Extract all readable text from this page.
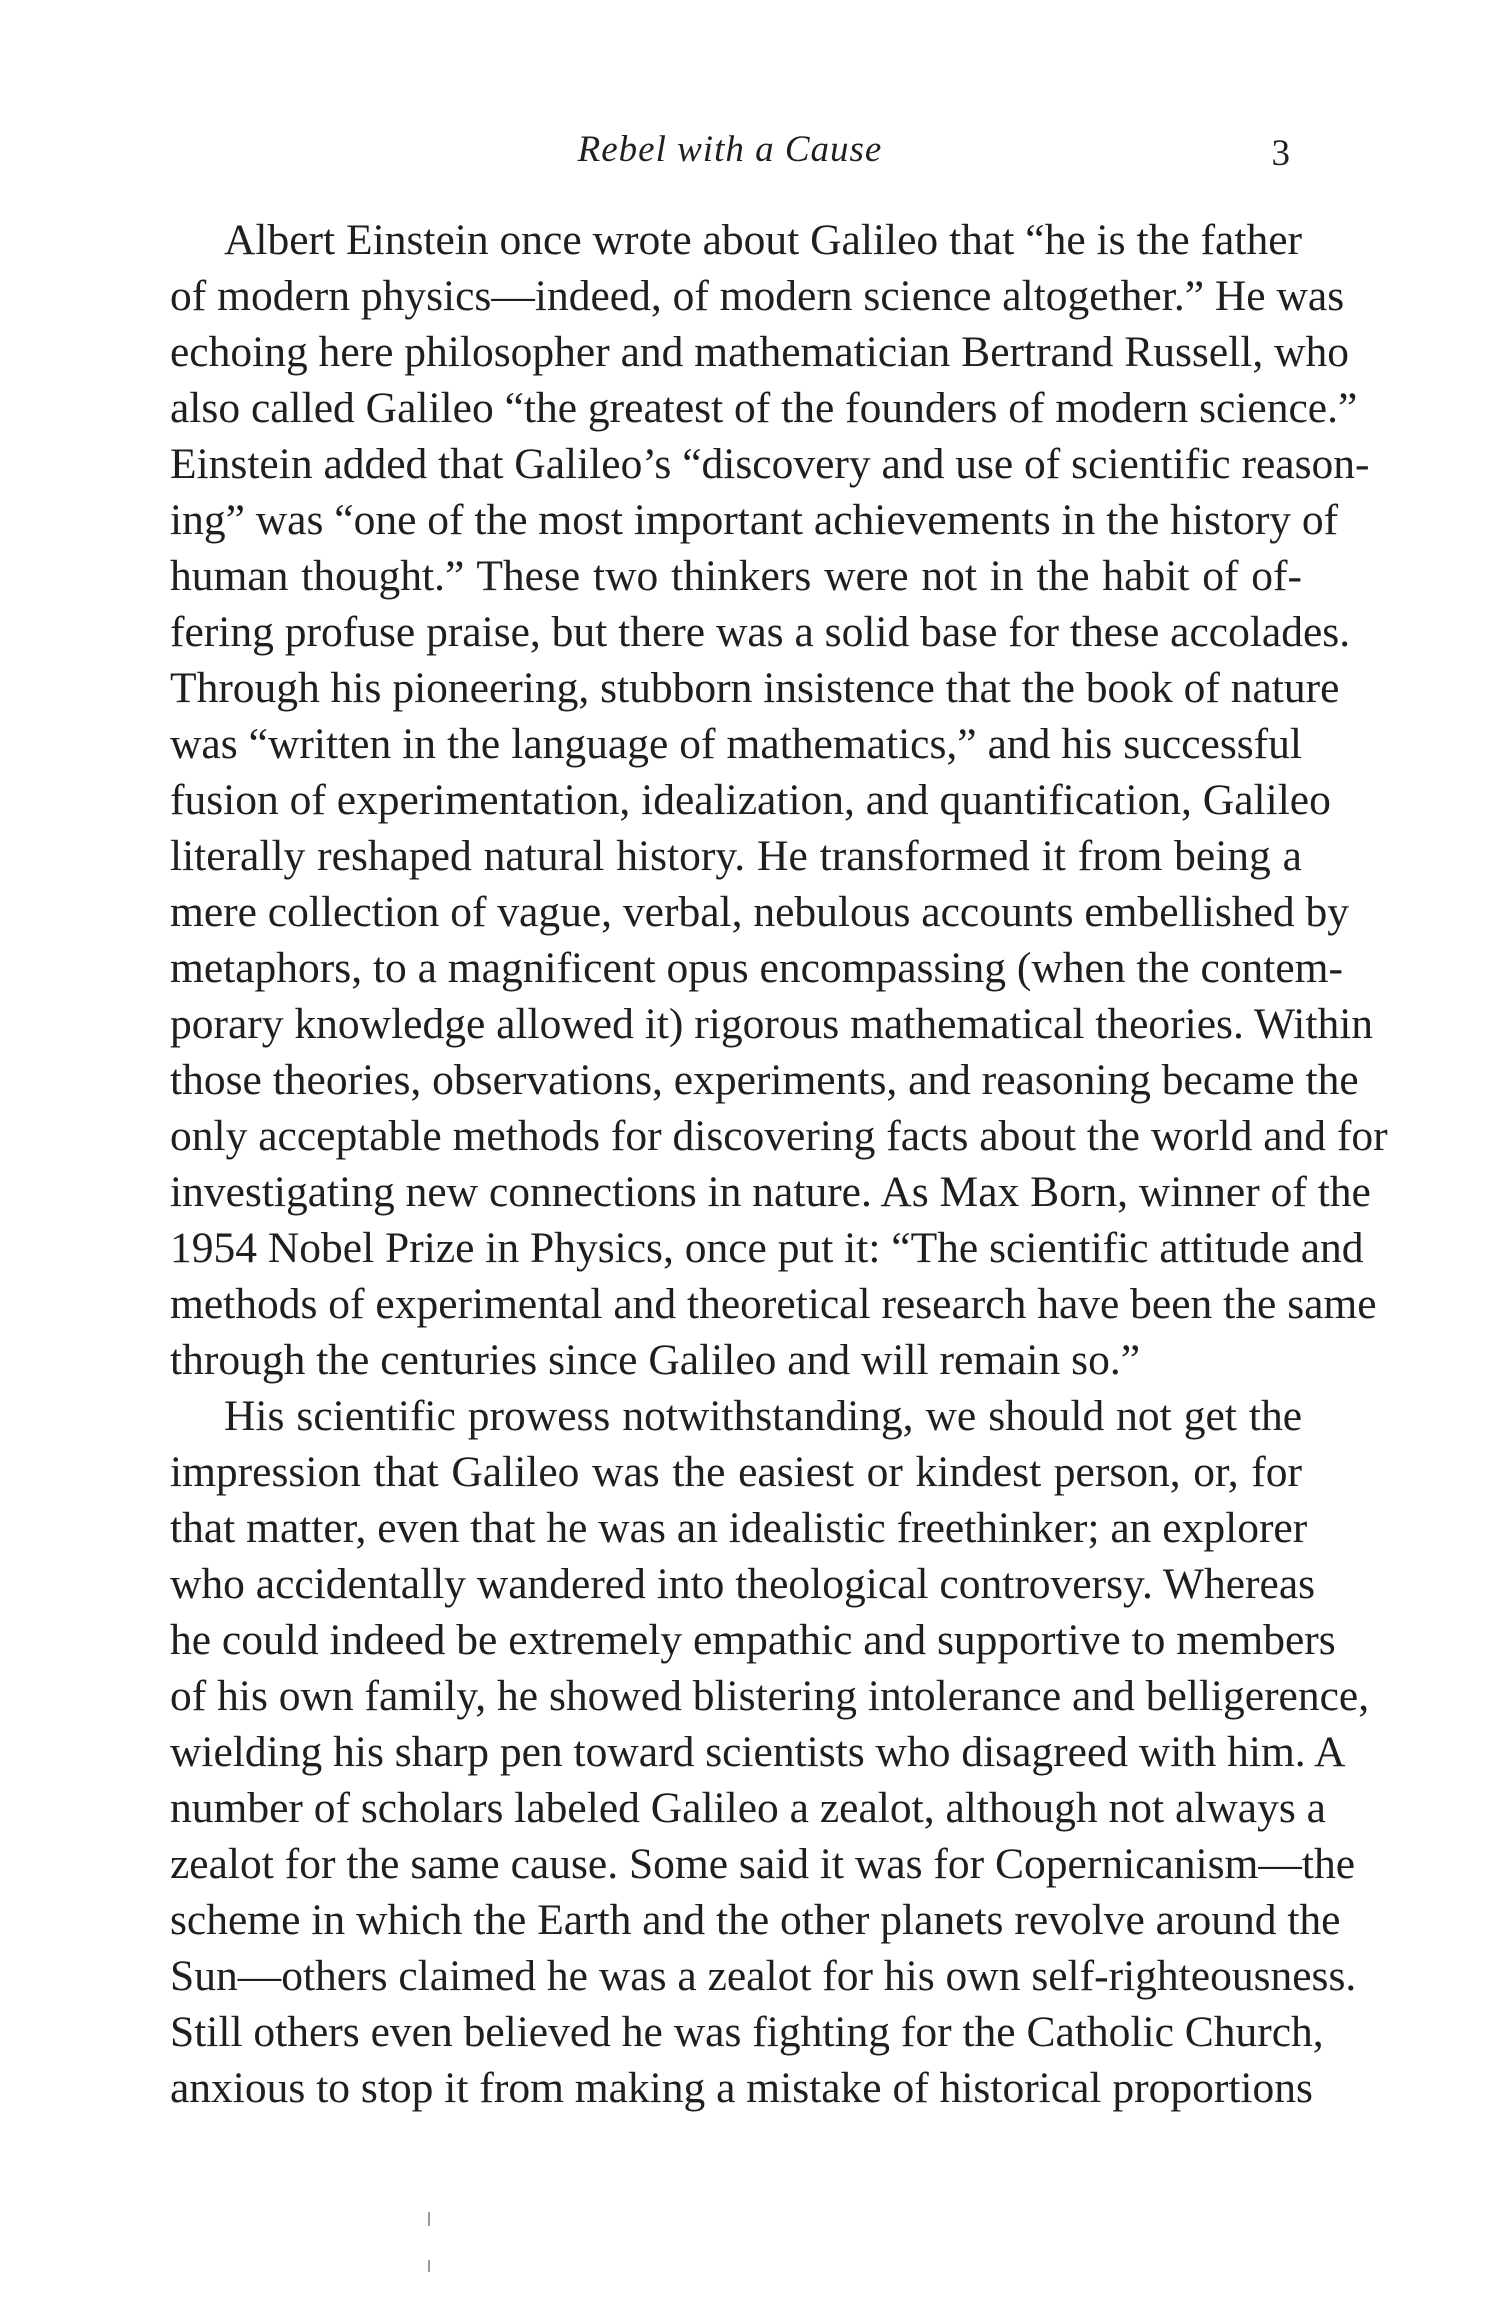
Rebel with a Cause	3
Albert Einstein once wrote about Galileo that “he is the father
of modern physics—indeed, of modern science altogether.” He was
echoing here philosopher and mathematician Bertrand Russell, who
also called Galileo “the greatest of the founders of modern science.”
Einstein added that Galileo’s “discovery and use of scientific reason-
ing” was “one of the most important achievements in the history of
human thought.” These two thinkers were not in the habit of of-
fering profuse praise, but there was a solid base for these accolades.
Through his pioneering, stubborn insistence that the book of nature
was “written in the language of mathematics,” and his successful
fusion of experimentation, idealization, and quantification, Galileo
literally reshaped natural history. He transformed it from being a
mere collection of vague, verbal, nebulous accounts embellished by
metaphors, to a magnificent opus encompassing (when the contem-
porary knowledge allowed it) rigorous mathematical theories. Within
those theories, observations, experiments, and reasoning became the
only acceptable methods for discovering facts about the world and for
investigating new connections in nature. As Max Born, winner of the
1954 Nobel Prize in Physics, once put it: “The scientific attitude and
methods of experimental and theoretical research have been the same
through the centuries since Galileo and will remain so.”
His scientific prowess notwithstanding, we should not get the
impression that Galileo was the easiest or kindest person, or, for
that matter, even that he was an idealistic freethinker; an explorer
who accidentally wandered into theological controversy. Whereas
he could indeed be extremely empathic and supportive to members
of his own family, he showed blistering intolerance and belligerence,
wielding his sharp pen toward scientists who disagreed with him. A
number of scholars labeled Galileo a zealot, although not always a
zealot for the same cause. Some said it was for Copernicanism—the
scheme in which the Earth and the other planets revolve around the
Sun—others claimed he was a zealot for his own self-righteousness.
Still others even believed he was fighting for the Catholic Church,
anxious to stop it from making a mistake of historical proportions
